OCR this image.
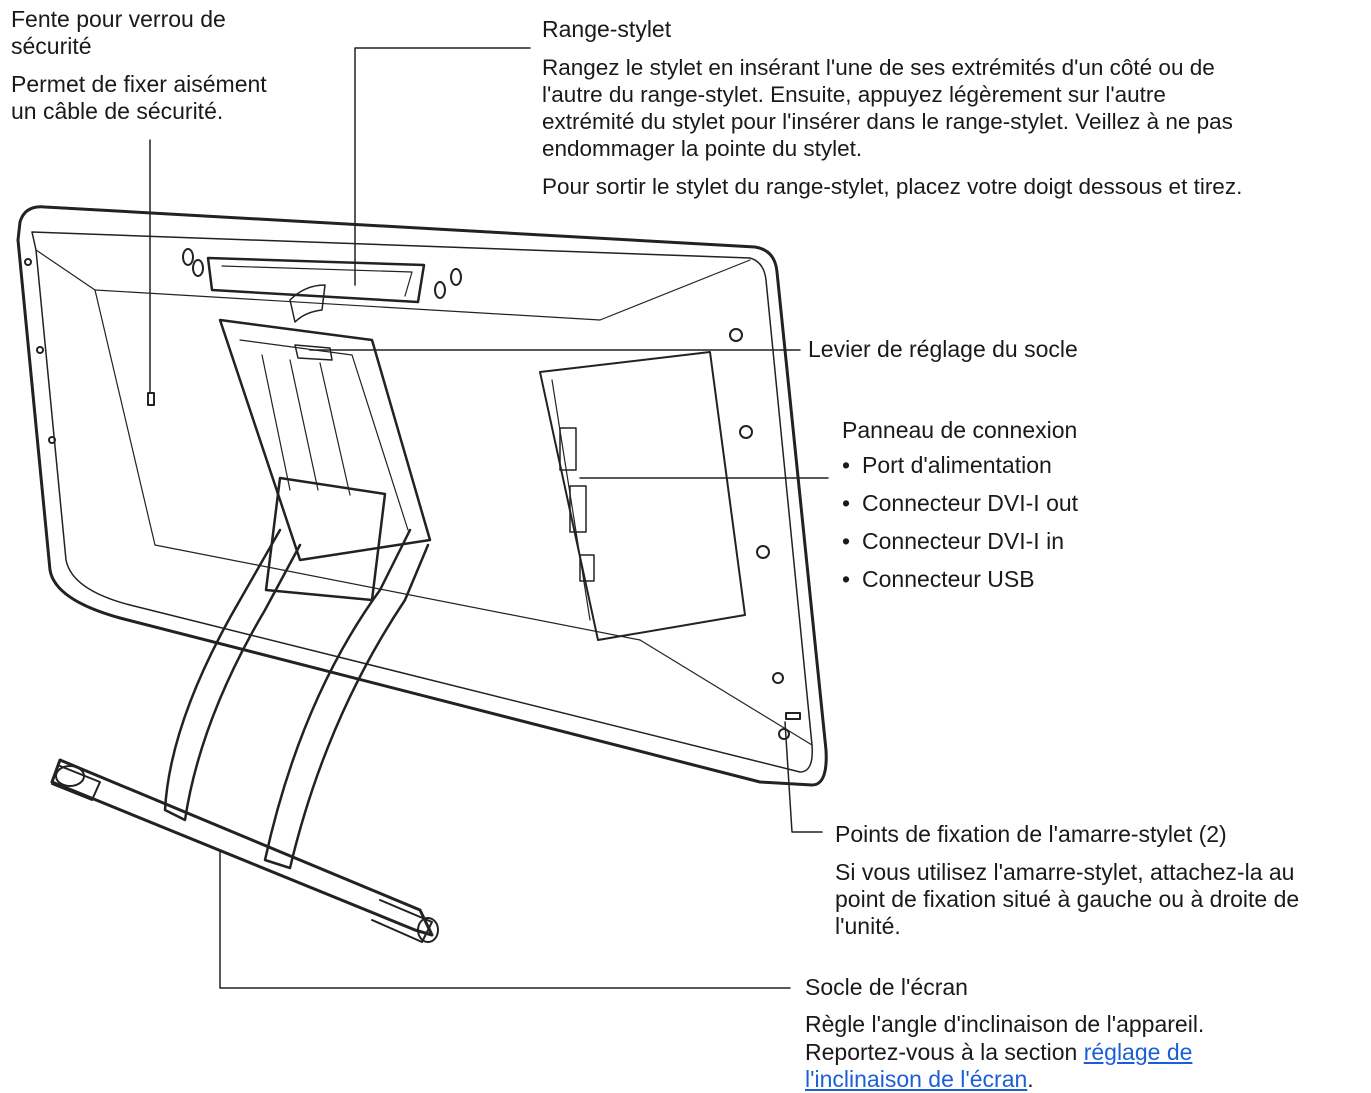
Fente pour verrou de
sécurité

Permet de fixer aisément
un câble de sécurité.

Range-stylet

Rangez le stylet en insérant l'une de ses extrémités d'un côté ou de
l'autre du range-stylet. Ensuite, appuyez légèrement sur l'autre
extrémité du stylet pour l'insérer dans le range-stylet. Veillez à ne pas
endommager la pointe du stylet.

Pour sortir le stylet du range-stylet, placez votre doigt dessous et tirez.

Levier de réglage du socle

Panneau de connexion

• Port d'alimentation
• Connecteur DVI-I out
• Connecteur DVI-I in
• Connecteur USB

Points de fixation de l'amarre-stylet (2)

Si vous utilisez l'amarre-stylet, attachez-la au
point de fixation situé à gauche ou à droite de
l'unité.

Socle de l'écran

Règle l'angle d'inclinaison de l'appareil.

Reportez-vous à la section réglage de
l'inclinaison de l'écran.
